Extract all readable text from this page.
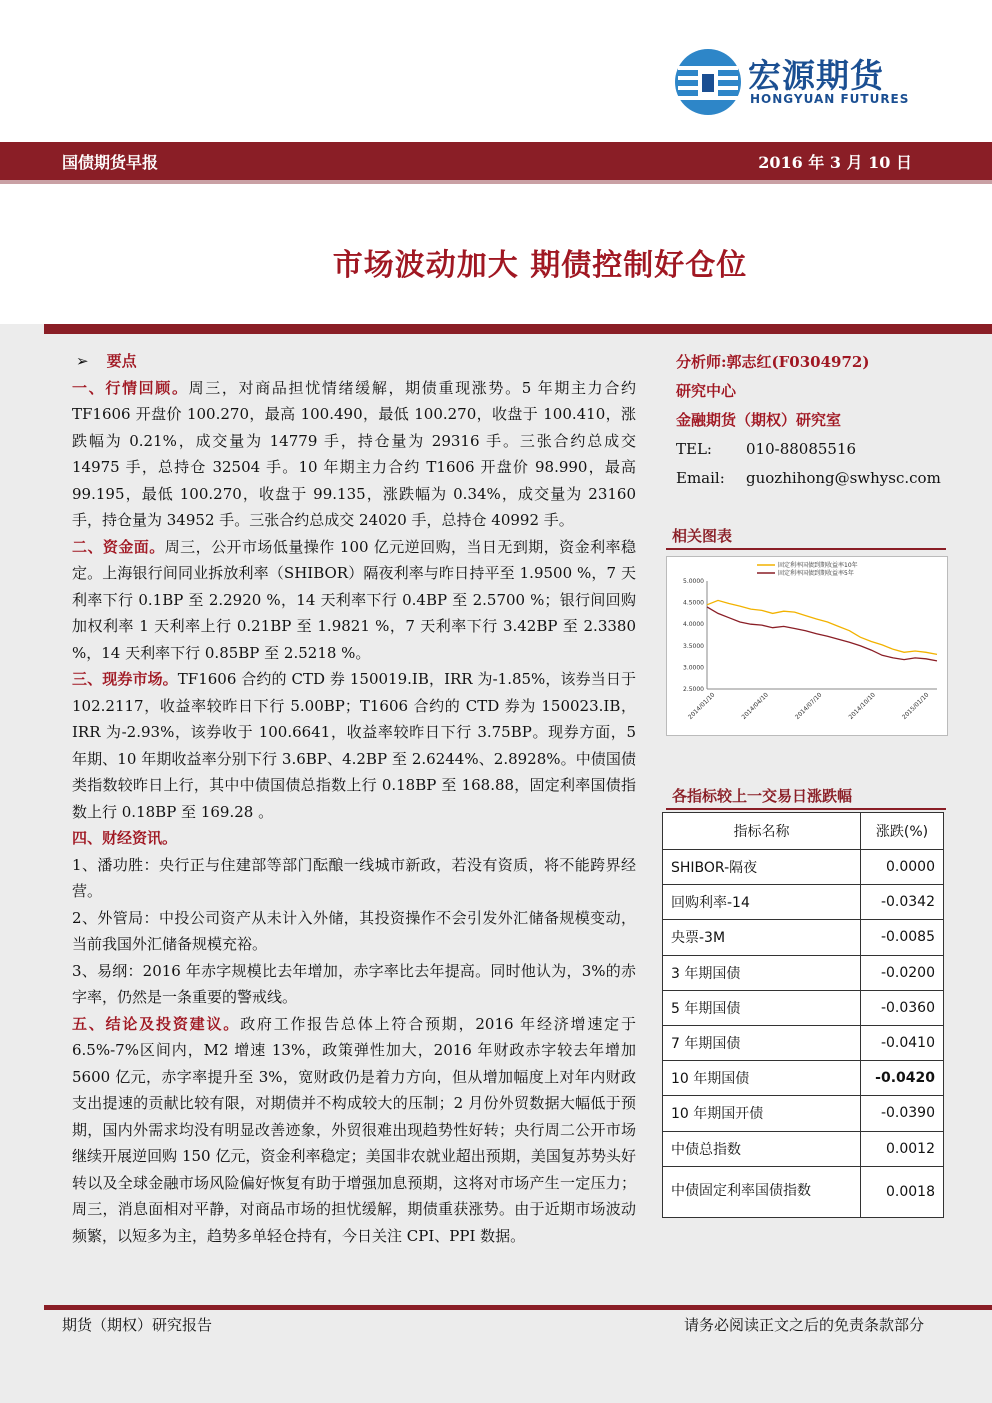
宏源期货
HONGYUAN FUTURES
国债期货早报	2016 年 3 月 10 日
市场波动加大 期债控制好仓位

➢ 要点

一、行情回顾。周三，对商品担忧情绪缓解，期债重现涨势。5 年期主力合约 TF1606 开盘价 100.270，最高 100.490，最低 100.270，收盘于 100.410，涨跌幅为 0.21%，成交量为 14779 手，持仓量为 29316 手。三张合约总成交 14975 手，总持仓 32504 手。10 年期主力合约 T1606 开盘价 98.990，最高 99.195，最低 100.270，收盘于 99.135，涨跌幅为 0.34%，成交量为 23160 手，持仓量为 34952 手。三张合约总成交 24020 手，总持仓 40992 手。

二、资金面。周三，公开市场低量操作 100 亿元逆回购，当日无到期，资金利率稳定。上海银行间同业拆放利率（SHIBOR）隔夜利率与昨日持平至 1.9500 %，7 天利率下行 0.1BP 至 2.2920 %，14 天利率下行 0.4BP 至 2.5700 %；银行间回购加权利率 1 天利率上行 0.21BP 至 1.9821 %，7 天利率下行 3.42BP 至 2.3380 %，14 天利率下行 0.85BP 至 2.5218 %。

三、现券市场。TF1606 合约的 CTD 券 150019.IB，IRR 为-1.85%，该券当日于 102.2117，收益率较昨日下行 5.00BP；T1606 合约的 CTD 券为 150023.IB，IRR 为-2.93%，该券收于 100.6641，收益率较昨日下行 3.75BP。现券方面，5 年期、10 年期收益率分别下行 3.6BP、4.2BP 至 2.6244%、2.8928%。中债国债类指数较昨日上行，其中中债国债总指数上行 0.18BP 至 168.88，固定利率国债指数上行 0.18BP 至 169.28 。

四、财经资讯。

1、潘功胜：央行正与住建部等部门酝酿一线城市新政，若没有资质，将不能跨界经营。

2、外管局：中投公司资产从未计入外储，其投资操作不会引发外汇储备规模变动，当前我国外汇储备规模充裕。

3、易纲：2016 年赤字规模比去年增加，赤字率比去年提高。同时他认为，3%的赤字率，仍然是一条重要的警戒线。

五、结论及投资建议。政府工作报告总体上符合预期，2016 年经济增速定于 6.5%-7%区间内，M2 增速 13%，政策弹性加大，2016 年财政赤字较去年增加 5600 亿元，赤字率提升至 3%，宽财政仍是着力方向，但从增加幅度上对年内财政支出提速的贡献比较有限，对期债并不构成较大的压制；2 月份外贸数据大幅低于预期，国内外需求均没有明显改善迹象，外贸很难出现趋势性好转；央行周二公开市场继续开展逆回购 150 亿元，资金利率稳定；美国非农就业超出预期，美国复苏势头好转以及全球金融市场风险偏好恢复有助于增强加息预期，这将对市场产生一定压力；周三，消息面相对平静，对商品市场的担忧缓解，期债重获涨势。由于近期市场波动频繁，以短多为主，趋势多单轻仓持有，今日关注 CPI、PPI 数据。

分析师:郭志红(F0304972)
研究中心
金融期货（期权）研究室
TEL:	010-88085516
Email:	guozhihong@swhysc.com
相关图表
5.0000
4.5000
4.0000
3.5000
3.0000
2.5000
2014/01/10	2014/04/10	2014/07/10	2014/10/10	2015/01/10
固定利率国债到期收益率10年
固定利率国债到期收益率5年
各指标较上一交易日涨跌幅
指标名称	涨跌(%)
SHIBOR-隔夜	0.0000
回购利率-14	-0.0342
央票-3M	-0.0085
3 年期国债	-0.0200
5 年期国债	-0.0360
7 年期国债	-0.0410
10 年期国债	-0.0420
10 年期国开债	-0.0390
中债总指数	0.0012
中债固定利率国债指数	0.0018
期货（期权）研究报告	请务必阅读正文之后的免责条款部分
